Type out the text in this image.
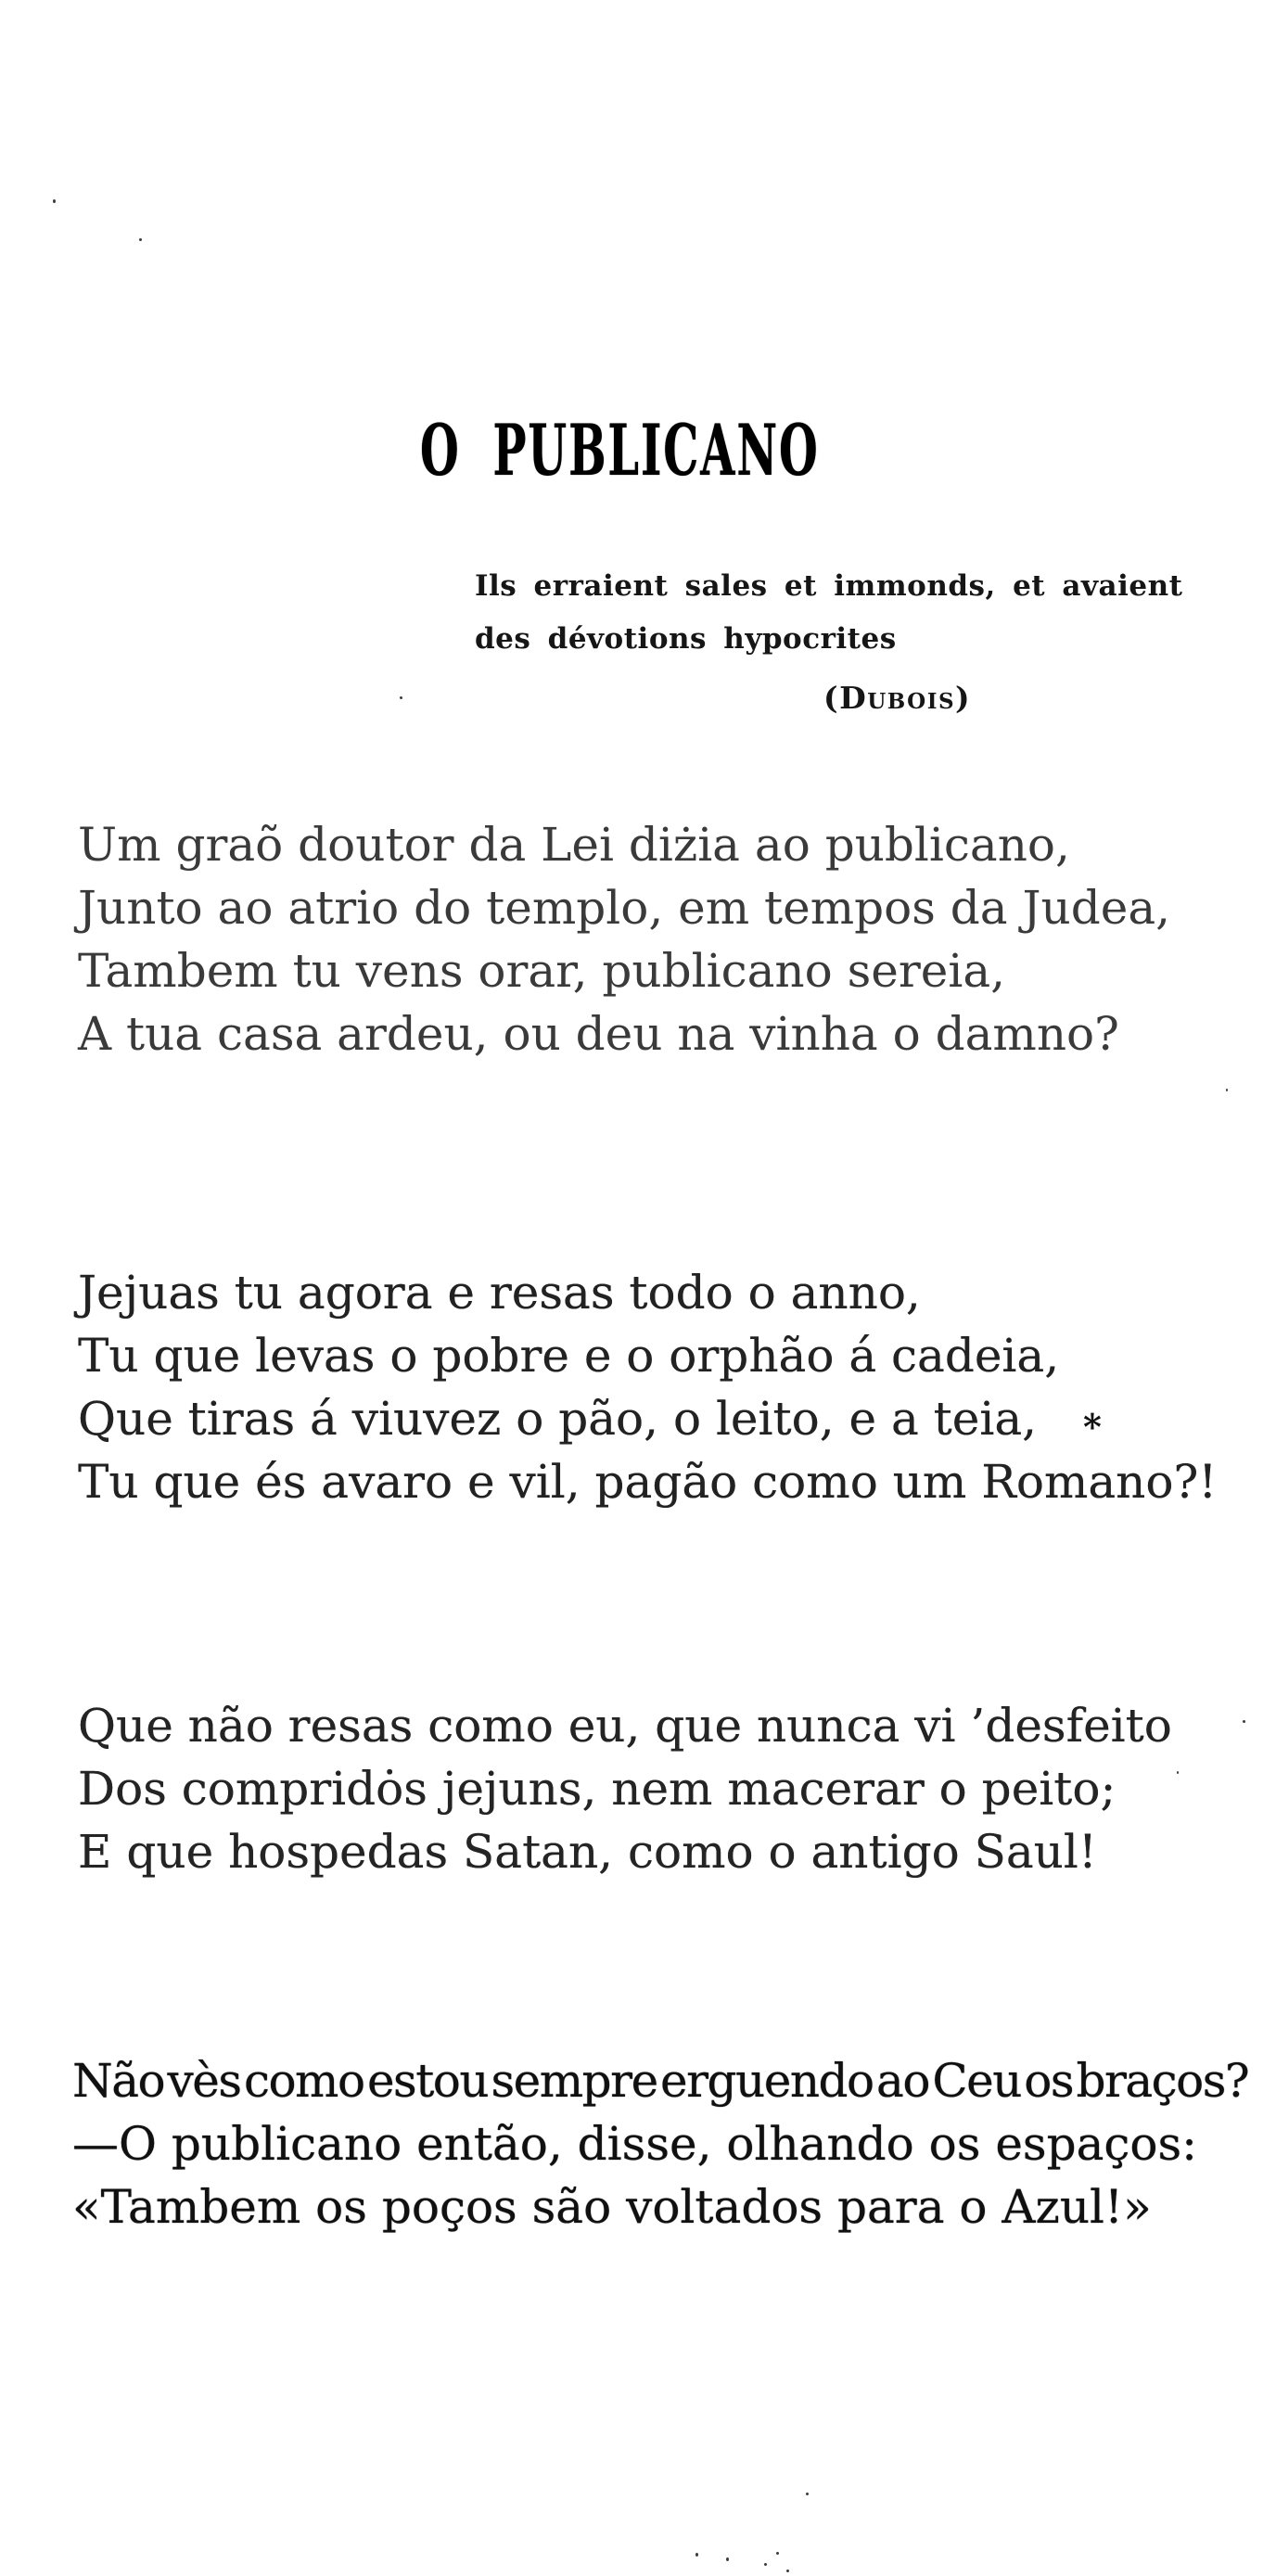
O PUBLICANO
Ils erraient sales et immonds, et avaient
des dévotions hypocrites
(Dubois)
Um graõ doutor da Lei diżia ao publicano,
Junto ao atrio do templo, em tempos da Judea,
Tambem tu vens orar, publicano sereia,
A tua casa ardeu, ou deu na vinha o damno?
Jejuas tu agora e resas todo o anno,
Tu que levas o pobre e o orphão á cadeia,
Que tiras á viuvez o pão, o leito, e a teia,
Tu que és avaro e vil, pagão como um Romano?!
Que não resas como eu, que nunca vi ’desfeito
Dos compridȯs jejuns, nem macerar o peito;
E que hospedas Satan, como o antigo Saul!
Não vès como estou sempre erguendo ao Ceu os braços?
—O publicano então, disse, olhando os espaços:
«Tambem os poços são voltados para o Azul!»
*
